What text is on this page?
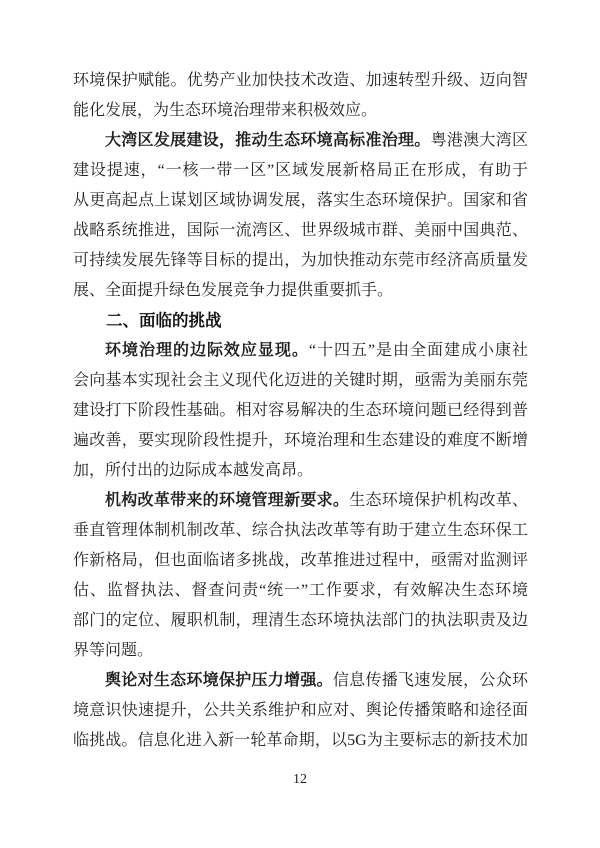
环境保护赋能。优势产业加快技术改造、加速转型升级、迈向智
能化发展，为生态环境治理带来积极效应。
大湾区发展建设，推动生态环境高标准治理。粤港澳大湾区
建设提速，“一核一带一区”区域发展新格局正在形成，有助于
从更高起点上谋划区域协调发展，落实生态环境保护。国家和省
战略系统推进，国际一流湾区、世界级城市群、美丽中国典范、
可持续发展先锋等目标的提出，为加快推动东莞市经济高质量发
展、全面提升绿色发展竞争力提供重要抓手。
二、面临的挑战
环境治理的边际效应显现。“十四五”是由全面建成小康社
会向基本实现社会主义现代化迈进的关键时期，亟需为美丽东莞
建设打下阶段性基础。相对容易解决的生态环境问题已经得到普
遍改善，要实现阶段性提升，环境治理和生态建设的难度不断增
加，所付出的边际成本越发高昂。
机构改革带来的环境管理新要求。生态环境保护机构改革、
垂直管理体制机制改革、综合执法改革等有助于建立生态环保工
作新格局，但也面临诸多挑战，改革推进过程中，亟需对监测评
估、监督执法、督查问责“统一”工作要求，有效解决生态环境
部门的定位、履职机制，理清生态环境执法部门的执法职责及边
界等问题。
舆论对生态环境保护压力增强。信息传播飞速发展，公众环
境意识快速提升，公共关系维护和应对、舆论传播策略和途径面
临挑战。信息化进入新一轮革命期，以5G为主要标志的新技术加
12
